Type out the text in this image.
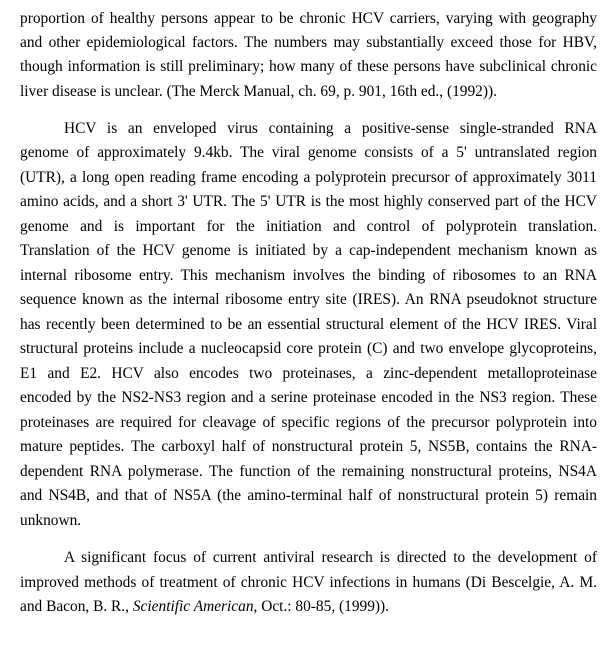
proportion of healthy persons appear to be chronic HCV carriers, varying with geography
and other epidemiological factors. The numbers may substantially exceed those for HBV,
though information is still preliminary; how many of these persons have subclinical chronic
liver disease is unclear. (The Merck Manual, ch. 69, p. 901, 16th ed., (1992)).
HCV is an enveloped virus containing a positive-sense single-stranded RNA
genome of approximately 9.4kb. The viral genome consists of a 5' untranslated region
(UTR), a long open reading frame encoding a polyprotein precursor of approximately 3011
amino acids, and a short 3' UTR. The 5' UTR is the most highly conserved part of the HCV
genome and is important for the initiation and control of polyprotein translation.
Translation of the HCV genome is initiated by a cap-independent mechanism known as
internal ribosome entry. This mechanism involves the binding of ribosomes to an RNA
sequence known as the internal ribosome entry site (IRES). An RNA pseudoknot structure
has recently been determined to be an essential structural element of the HCV IRES. Viral
structural proteins include a nucleocapsid core protein (C) and two envelope glycoproteins,
E1 and E2. HCV also encodes two proteinases, a zinc-dependent metalloproteinase
encoded by the NS2-NS3 region and a serine proteinase encoded in the NS3 region. These
proteinases are required for cleavage of specific regions of the precursor polyprotein into
mature peptides. The carboxyl half of nonstructural protein 5, NS5B, contains the RNA-
dependent RNA polymerase. The function of the remaining nonstructural proteins, NS4A
and NS4B, and that of NS5A (the amino-terminal half of nonstructural protein 5) remain
unknown.
A significant focus of current antiviral research is directed to the development of
improved methods of treatment of chronic HCV infections in humans (Di Bescelgie, A. M.
and Bacon, B. R., Scientific American, Oct.: 80-85, (1999)).
